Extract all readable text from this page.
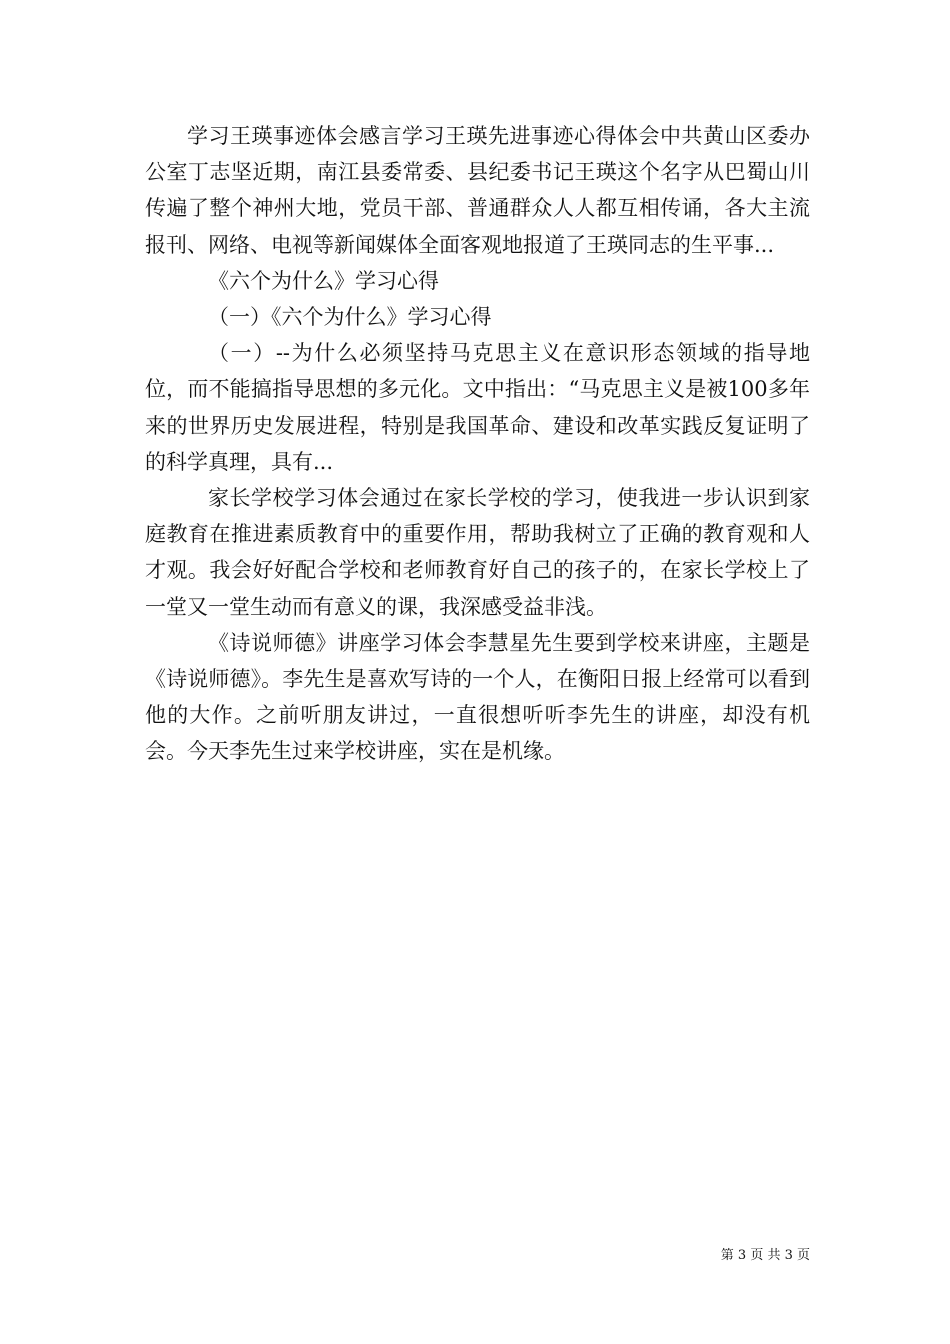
学习王瑛事迹体会感言学习王瑛先进事迹心得体会中共黄山区委办公室丁志坚近期，南江县委常委、县纪委书记王瑛这个名字从巴蜀山川传遍了整个神州大地，党员干部、普通群众人人都互相传诵，各大主流报刊、网络、电视等新闻媒体全面客观地报道了王瑛同志的生平事...

《六个为什么》学习心得

（一）《六个为什么》学习心得

（一）--为什么必须坚持马克思主义在意识形态领域的指导地位，而不能搞指导思想的多元化。文中指出：“马克思主义是被100多年来的世界历史发展进程，特别是我国革命、建设和改革实践反复证明了的科学真理，具有...

家长学校学习体会通过在家长学校的学习，使我进一步认识到家庭教育在推进素质教育中的重要作用，帮助我树立了正确的教育观和人才观。我会好好配合学校和老师教育好自己的孩子的，在家长学校上了一堂又一堂生动而有意义的课，我深感受益非浅。

《诗说师德》讲座学习体会李慧星先生要到学校来讲座，主题是《诗说师德》。李先生是喜欢写诗的一个人，在衡阳日报上经常可以看到他的大作。之前听朋友讲过，一直很想听听李先生的讲座，却没有机会。今天李先生过来学校讲座，实在是机缘。

第 3 页 共 3 页
